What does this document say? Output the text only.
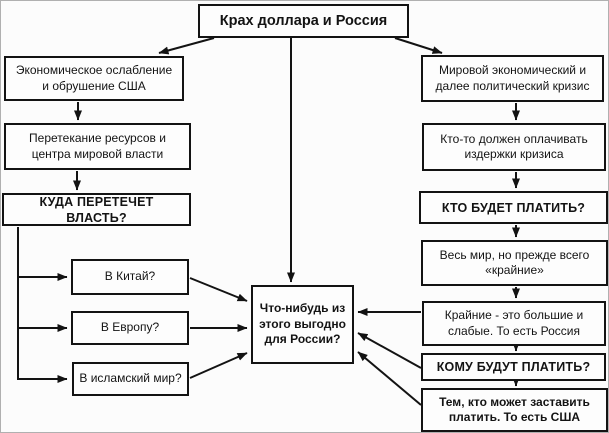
Крах доллара и Россия
Экономическое ослабление и обрушение США
Перетекание ресурсов и центра мировой власти
КУДА ПЕРЕТЕЧЕТ ВЛАСТЬ?
В Китай?
В Европу?
В исламский мир?
Что-нибудь из этого выгодно для России?
Мировой экономический и далее политический кризис
Кто-то должен оплачивать издержки кризиса
КТО БУДЕТ ПЛАТИТЬ?
Весь мир, но прежде всего «крайние»
Крайние - это большие и слабые. То есть Россия
КОМУ БУДУТ ПЛАТИТЬ?
Тем, кто может заставить платить. То есть США
